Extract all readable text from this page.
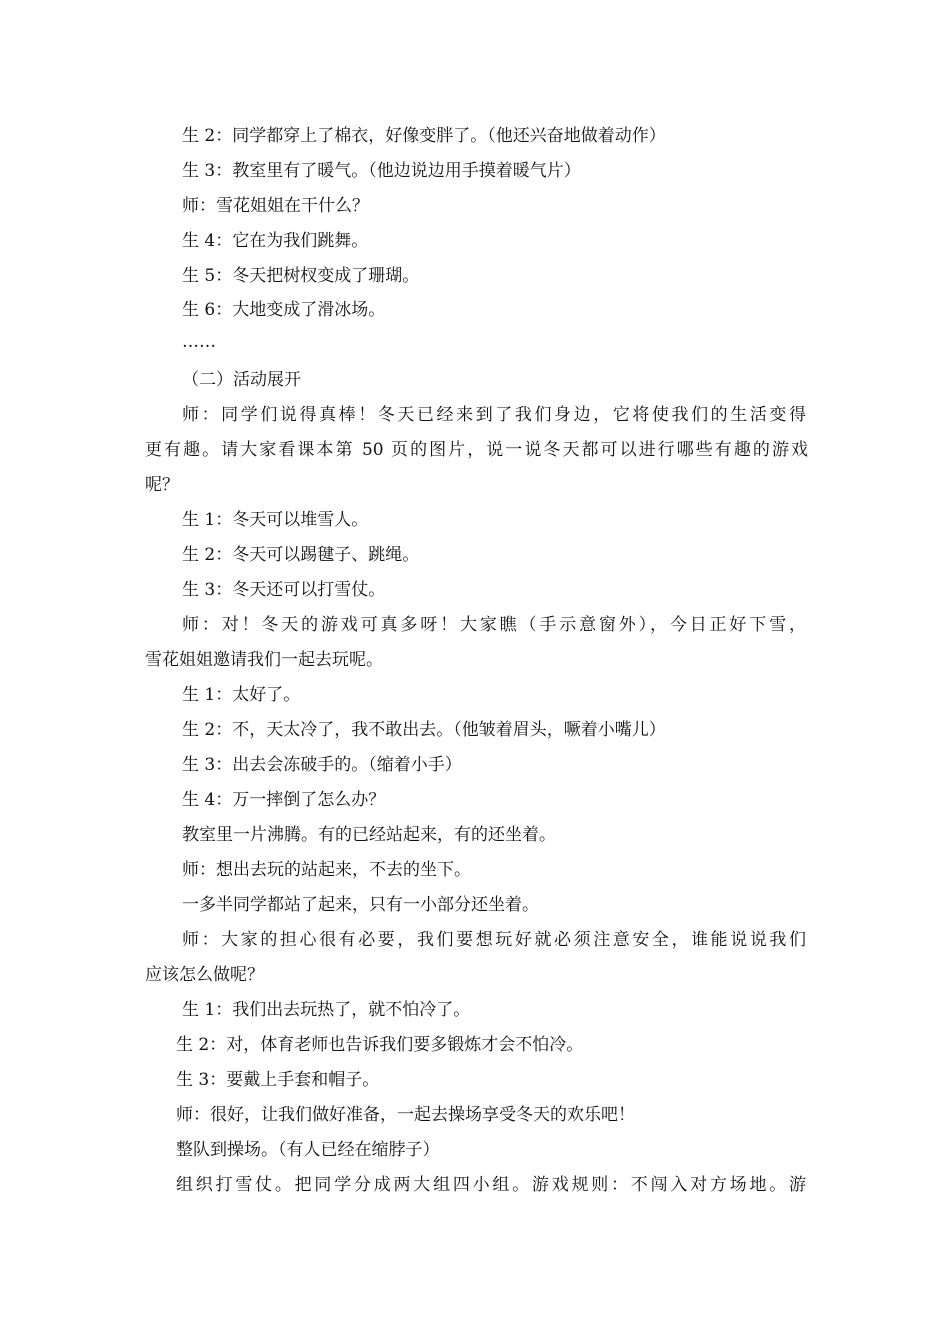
生 2：同学都穿上了棉衣，好像变胖了。（他还兴奋地做着动作）
生 3：教室里有了暖气。（他边说边用手摸着暖气片）
师：雪花姐姐在干什么？
生 4：它在为我们跳舞。
生 5：冬天把树杈变成了珊瑚。
生 6：大地变成了滑冰场。
……
（二）活动展开
师：同学们说得真棒！冬天已经来到了我们身边，它将使我们的生活变得
更有趣。请大家看课本第 50 页的图片，说一说冬天都可以进行哪些有趣的游戏
呢？
生 1：冬天可以堆雪人。
生 2：冬天可以踢毽子、跳绳。
生 3：冬天还可以打雪仗。
师：对！冬天的游戏可真多呀！大家瞧（手示意窗外），今日正好下雪，
雪花姐姐邀请我们一起去玩呢。
生 1：太好了。
生 2：不，天太冷了，我不敢出去。（他皱着眉头，噘着小嘴儿）
生 3：出去会冻破手的。（缩着小手）
生 4：万一摔倒了怎么办？
教室里一片沸腾。有的已经站起来，有的还坐着。
师：想出去玩的站起来，不去的坐下。
一多半同学都站了起来，只有一小部分还坐着。
师：大家的担心很有必要，我们要想玩好就必须注意安全，谁能说说我们
应该怎么做呢？
生 1：我们出去玩热了，就不怕冷了。
生 2：对，体育老师也告诉我们要多锻炼才会不怕冷。
生 3：要戴上手套和帽子。
师：很好，让我们做好准备，一起去操场享受冬天的欢乐吧！
整队到操场。（有人已经在缩脖子）
组织打雪仗。把同学分成两大组四小组。游戏规则：不闯入对方场地。游
